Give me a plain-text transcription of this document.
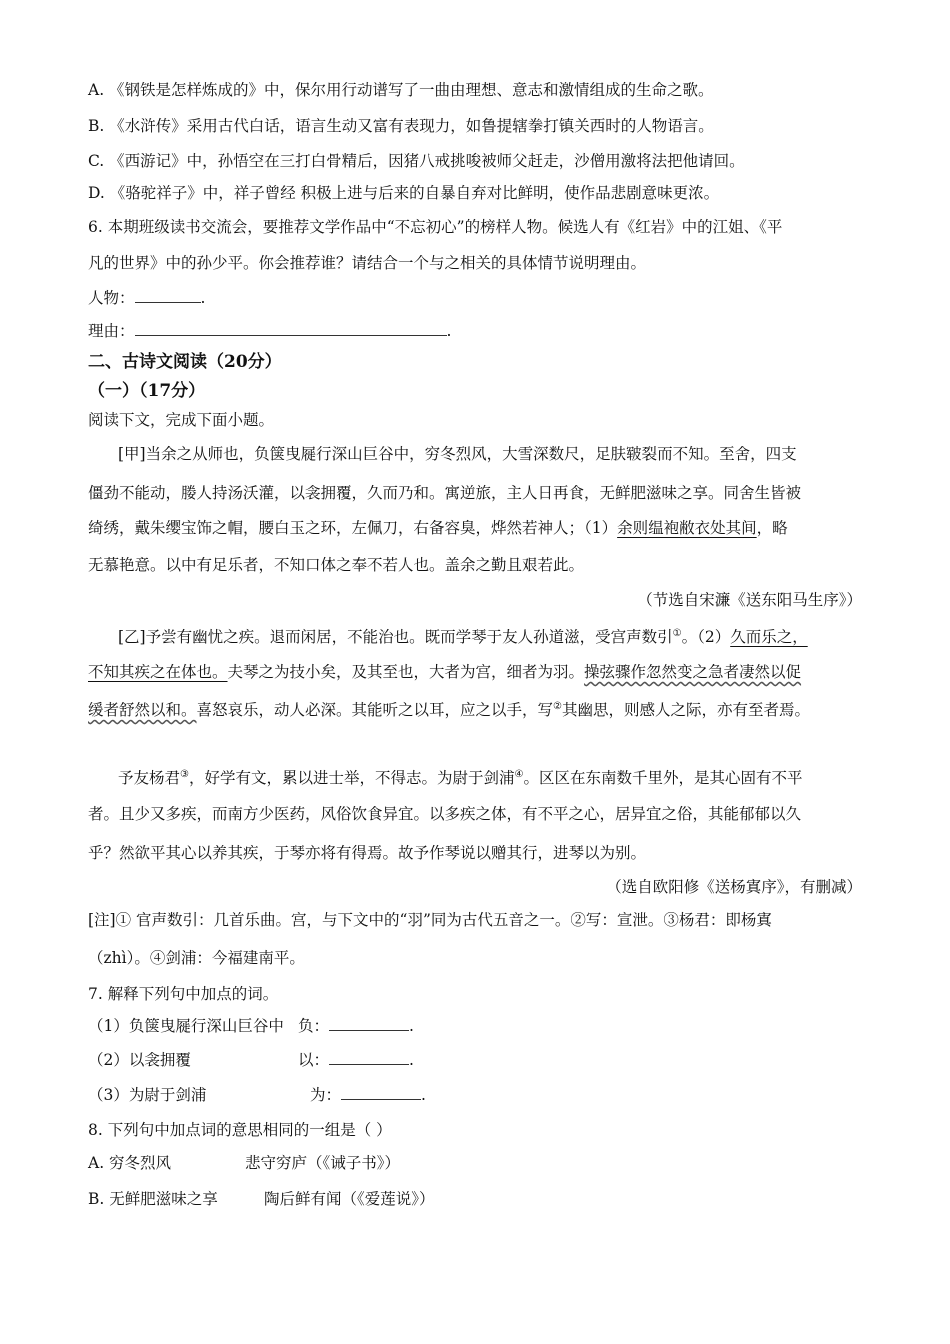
A. 《钢铁是怎样炼成的》中，保尔用行动谱写了一曲由理想、意志和激情组成的生命之歌。
B. 《水浒传》采用古代白话，语言生动又富有表现力，如鲁提辖拳打镇关西时的人物语言。
C. 《西游记》中，孙悟空在三打白骨精后，因猪八戒挑唆被师父赶走，沙僧用激将法把他请回。
D. 《骆驼祥子》中，祥子曾经 积极上进与后来的自暴自弃对比鲜明，使作品悲剧意味更浓。
6. 本期班级读书交流会，要推荐文学作品中“不忘初心”的榜样人物。候选人有《红岩》中的江姐、《平
凡的世界》中的孙少平。你会推荐谁？请结合一个与之相关的具体情节说明理由。
人物：	.
理由：	.
二、古诗文阅读（20分）
（一）（17分）
阅读下文，完成下面小题。
[甲]当余之从师也，负箧曳屣行深山巨谷中，穷冬烈风，大雪深数尺，足肤皲裂而不知。至舍，四支
僵劲不能动，媵人持汤沃灌，以衾拥覆，久而乃和。寓逆旅，主人日再食，无鲜肥滋味之享。同舍生皆被
绮绣，戴朱缨宝饰之帽，腰白玉之环，左佩刀，右备容臭，烨然若神人；（1）余则缊袍敝衣处其间，略
无慕艳意。以中有足乐者，不知口体之奉不若人也。盖余之勤且艰若此。
（节选自宋濂《送东阳马生序》）
[乙]予尝有幽忧之疾。退而闲居，不能治也。既而学琴于友人孙道滋，受宫声数引①。（2）久而乐之，
不知其疾之在体也。夫琴之为技小矣，及其至也，大者为宫，细者为羽。操弦骤作忽然变之急者凄然以促
缓者舒然以和。喜怒哀乐，动人必深。其能听之以耳，应之以手，写②其幽思，则感人之际，亦有至者焉。
予友杨君③，好学有文，累以进士举，不得志。为尉于剑浦④。区区在东南数千里外，是其心固有不平
者。且少又多疾，而南方少医药，风俗饮食异宜。以多疾之体，有不平之心，居异宜之俗，其能郁郁以久
乎？然欲平其心以养其疾，于琴亦将有得焉。故予作琴说以赠其行，进琴以为别。
（选自欧阳修《送杨寘序》，有删减）
[注]① 官声数引：几首乐曲。宫，与下文中的“羽”同为古代五音之一。②写：宣泄。③杨君：即杨寘
（zhì）。④剑浦：今福建南平。
7. 解释下列句中加点的词。
（1）负箧曳屣行深山巨谷中 负：	.
（2）以衾拥覆	以：	.
（3）为尉于剑浦	为：	.
8. 下列句中加点词的意思相同的一组是（ ）
A. 穷冬烈风	悲守穷庐（《诫子书》）
B. 无鲜肥滋味之享	陶后鲜有闻（《爱莲说》）
